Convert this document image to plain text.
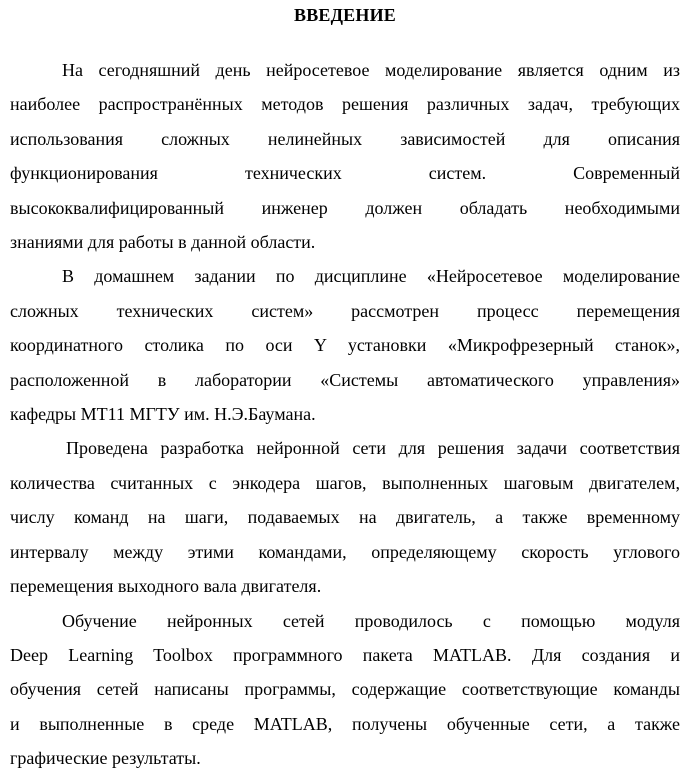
ВВЕДЕНИЕ
На сегодняшний день нейросетевое моделирование является одним из
наиболее распространённых методов решения различных задач, требующих
использования сложных нелинейных зависимостей для описания
функционирования технических систем. Современный
высококвалифицированный инженер должен обладать необходимыми
знаниями для работы в данной области.
В домашнем задании по дисциплине «Нейросетевое моделирование
сложных технических систем» рассмотрен процесс перемещения
координатного столика по оси Y установки «Микрофрезерный станок»,
расположенной в лаборатории «Системы автоматического управления»
кафедры МТ11 МГТУ им. Н.Э.Баумана.
Проведена разработка нейронной сети для решения задачи соответствия
количества считанных с энкодера шагов, выполненных шаговым двигателем,
числу команд на шаги, подаваемых на двигатель, а также временному
интервалу между этими командами, определяющему скорость углового
перемещения выходного вала двигателя.
Обучение нейронных сетей проводилось с помощью модуля
Deep Learning Toolbox программного пакета MATLAB. Для создания и
обучения сетей написаны программы, содержащие соответствующие команды
и выполненные в среде MATLAB, получены обученные сети, а также
графические результаты.
